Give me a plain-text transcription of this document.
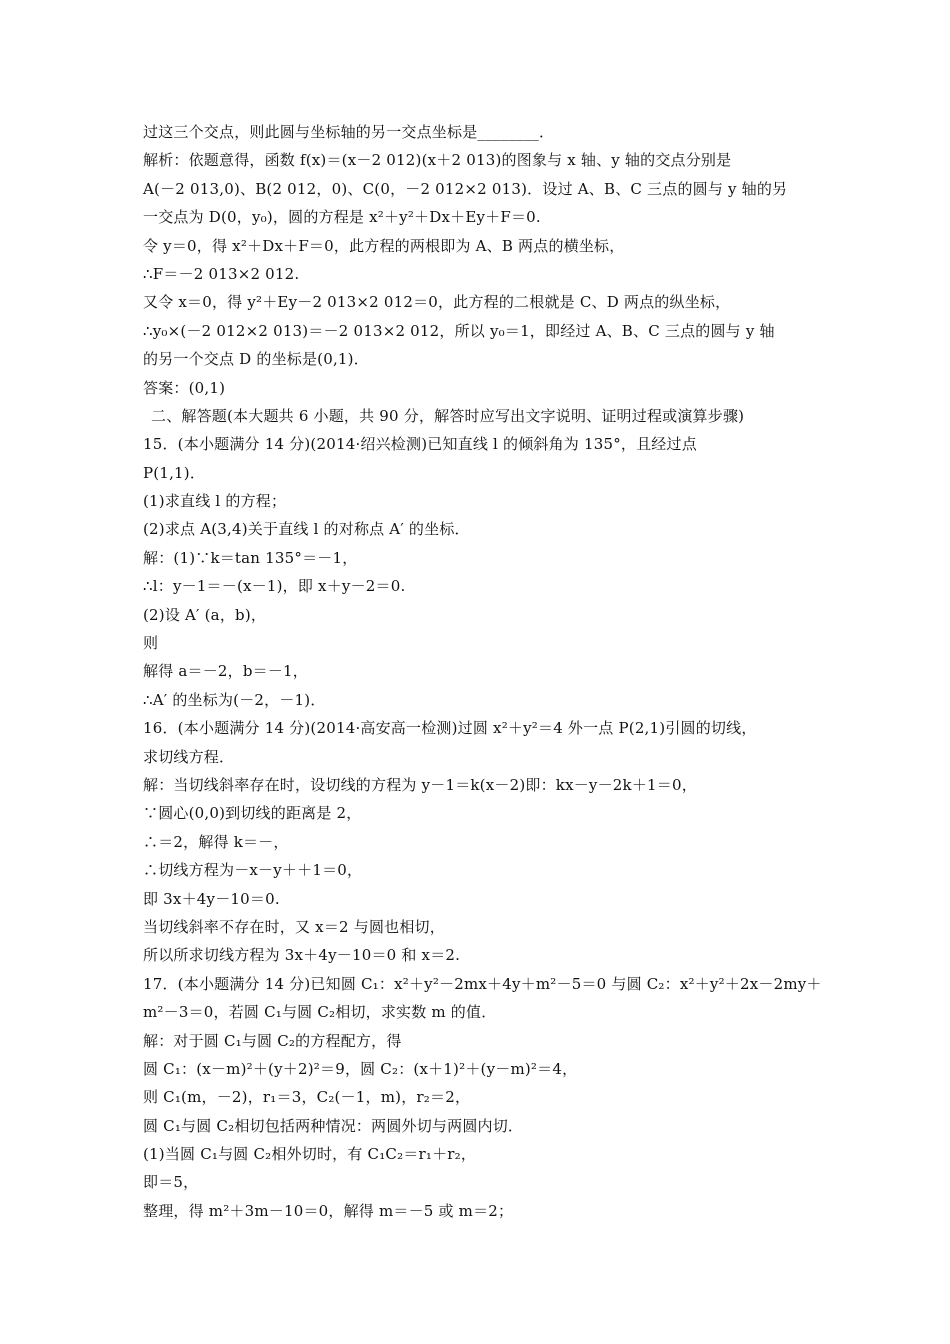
过这三个交点，则此圆与坐标轴的另一交点坐标是________．
解析：依题意得，函数 f(x)＝(x－2 012)(x＋2 013)的图象与 x 轴、y 轴的交点分别是
A(－2 013,0)、B(2 012，0)、C(0，－2 012×2 013)．设过 A、B、C 三点的圆与 y 轴的另
一交点为 D(0，y₀)，圆的方程是 x²＋y²＋Dx＋Ey＋F＝0.
令 y＝0，得 x²＋Dx＋F＝0，此方程的两根即为 A、B 两点的横坐标，
∴F＝－2 013×2 012.
又令 x＝0，得 y²＋Ey－2 013×2 012＝0，此方程的二根就是 C、D 两点的纵坐标，
∴y₀×(－2 012×2 013)＝－2 013×2 012，所以 y₀＝1，即经过 A、B、C 三点的圆与 y 轴
的另一个交点 D 的坐标是(0,1)．
答案：(0,1)
二、解答题(本大题共 6 小题，共 90 分，解答时应写出文字说明、证明过程或演算步骤)
15．(本小题满分 14 分)(2014·绍兴检测)已知直线 l 的倾斜角为 135°，且经过点
P(1,1)．
(1)求直线 l 的方程；
(2)求点 A(3,4)关于直线 l 的对称点 A′ 的坐标．
解：(1)∵k＝tan 135°＝－1，
∴l：y－1＝－(x－1)，即 x＋y－2＝0.
(2)设 A′ (a，b)，
则
解得 a＝－2，b＝－1，
∴A′ 的坐标为(－2，－1)．
16．(本小题满分 14 分)(2014·高安高一检测)过圆 x²＋y²＝4 外一点 P(2,1)引圆的切线，
求切线方程．
解：当切线斜率存在时，设切线的方程为 y－1＝k(x－2)即：kx－y－2k＋1＝0，
∵圆心(0,0)到切线的距离是 2，
∴＝2，解得 k＝－，
∴切线方程为－x－y＋＋1＝0，
即 3x＋4y－10＝0.
当切线斜率不存在时，又 x＝2 与圆也相切，
所以所求切线方程为 3x＋4y－10＝0 和 x＝2.
17．(本小题满分 14 分)已知圆 C₁：x²＋y²－2mx＋4y＋m²－5＝0 与圆 C₂：x²＋y²＋2x－2my＋
m²－3＝0，若圆 C₁与圆 C₂相切，求实数 m 的值．
解：对于圆 C₁与圆 C₂的方程配方，得
圆 C₁：(x－m)²＋(y＋2)²＝9，圆 C₂：(x＋1)²＋(y－m)²＝4，
则 C₁(m，－2)，r₁＝3，C₂(－1，m)，r₂＝2，
圆 C₁与圆 C₂相切包括两种情况：两圆外切与两圆内切．
(1)当圆 C₁与圆 C₂相外切时，有 C₁C₂＝r₁＋r₂，
即＝5，
整理，得 m²＋3m－10＝0，解得 m＝－5 或 m＝2；
